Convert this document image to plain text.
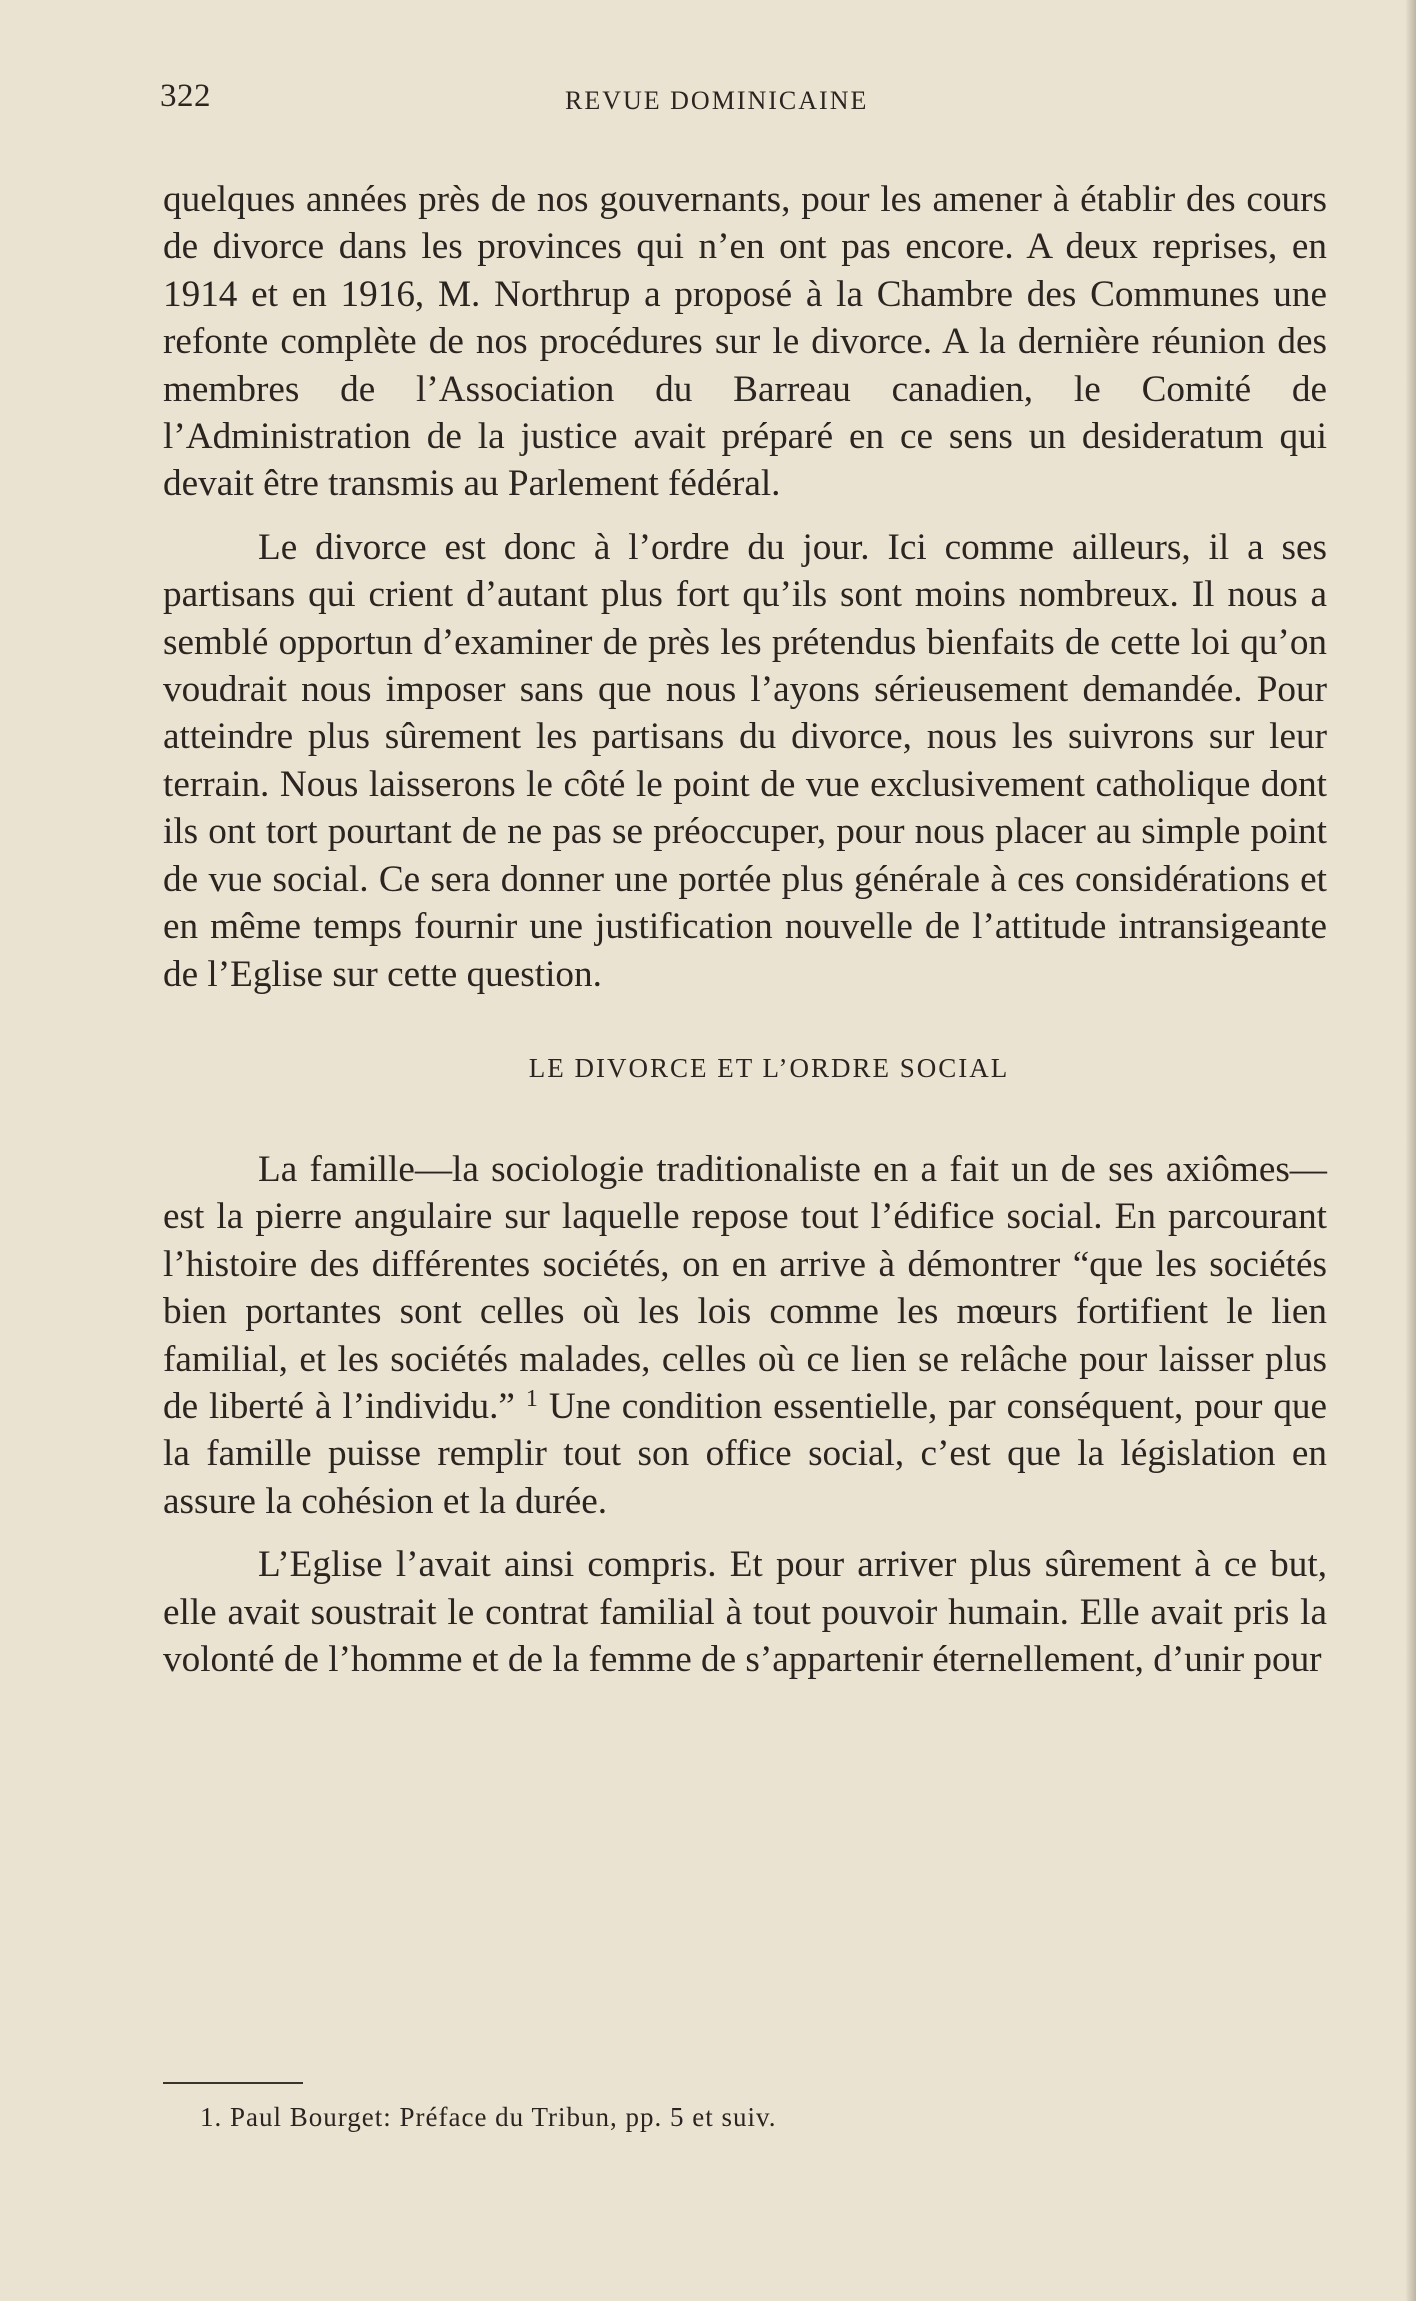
322	REVUE DOMINICAINE

quelques années près de nos gouvernants, pour les amener à établir des cours de divorce dans les provinces qui n’en ont pas encore. A deux reprises, en 1914 et en 1916, M. Northrup a proposé à la Chambre des Communes une refonte complète de nos procédures sur le divorce. A la dernière réunion des membres de l’Association du Barreau canadien, le Comité de l’Administration de la justice avait préparé en ce sens un desideratum qui devait être transmis au Parlement fédéral.

Le divorce est donc à l’ordre du jour. Ici comme ailleurs, il a ses partisans qui crient d’autant plus fort qu’ils sont moins nombreux. Il nous a semblé opportun d’examiner de près les prétendus bienfaits de cette loi qu’on voudrait nous imposer sans que nous l’ayons sérieusement demandée. Pour atteindre plus sûrement les partisans du divorce, nous les suivrons sur leur terrain. Nous laisserons le côté le point de vue exclusivement catholique dont ils ont tort pourtant de ne pas se préoccuper, pour nous placer au simple point de vue social. Ce sera donner une portée plus générale à ces considérations et en même temps fournir une justification nouvelle de l’attitude intransigeante de l’Eglise sur cette question.

LE DIVORCE ET L’ORDRE SOCIAL

La famille—la sociologie traditionaliste en a fait un de ses axiômes—est la pierre angulaire sur laquelle repose tout l’édifice social. En parcourant l’histoire des différentes sociétés, on en arrive à démontrer “que les sociétés bien portantes sont celles où les lois comme les mœurs fortifient le lien familial, et les sociétés malades, celles où ce lien se relâche pour laisser plus de liberté à l’individu.” $^1$ Une condition essentielle, par conséquent, pour que la famille puisse remplir tout son office social, c’est que la législation en assure la cohésion et la durée.

L’Eglise l’avait ainsi compris. Et pour arriver plus sûrement à ce but, elle avait soustrait le contrat familial à tout pouvoir humain. Elle avait pris la volonté de l’homme et de la femme de s’appartenir éternellement, d’unir pour

1. Paul Bourget: Préface du Tribun, pp. 5 et suiv.
